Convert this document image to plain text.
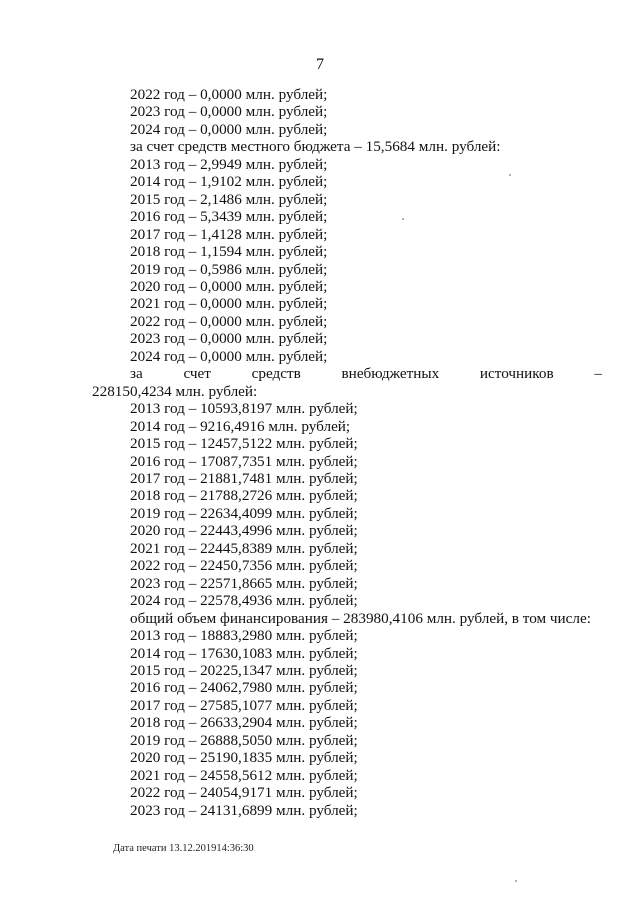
7
2022 год – 0,0000 млн. рублей;
2023 год – 0,0000 млн. рублей;
2024 год – 0,0000 млн. рублей;
за счет средств местного бюджета – 15,5684 млн. рублей:
2013 год – 2,9949 млн. рублей;
2014 год – 1,9102 млн. рублей;
2015 год – 2,1486 млн. рублей;
2016 год – 5,3439 млн. рублей;
2017 год – 1,4128 млн. рублей;
2018 год – 1,1594 млн. рублей;
2019 год – 0,5986 млн. рублей;
2020 год – 0,0000 млн. рублей;
2021 год – 0,0000 млн. рублей;
2022 год – 0,0000 млн. рублей;
2023 год – 0,0000 млн. рублей;
2024 год – 0,0000 млн. рублей;
за	счет	средств	внебюджетных	источников	–
228150,4234 млн. рублей:
2013 год – 10593,8197 млн. рублей;
2014 год – 9216,4916 млн. рублей;
2015 год – 12457,5122 млн. рублей;
2016 год – 17087,7351 млн. рублей;
2017 год – 21881,7481 млн. рублей;
2018 год – 21788,2726 млн. рублей;
2019 год – 22634,4099 млн. рублей;
2020 год – 22443,4996 млн. рублей;
2021 год – 22445,8389 млн. рублей;
2022 год – 22450,7356 млн. рублей;
2023 год – 22571,8665 млн. рублей;
2024 год – 22578,4936 млн. рублей;
общий объем финансирования – 283980,4106 млн. рублей, в том числе:
2013 год – 18883,2980 млн. рублей;
2014 год – 17630,1083 млн. рублей;
2015 год – 20225,1347 млн. рублей;
2016 год – 24062,7980 млн. рублей;
2017 год – 27585,1077 млн. рублей;
2018 год – 26633,2904 млн. рублей;
2019 год – 26888,5050 млн. рублей;
2020 год – 25190,1835 млн. рублей;
2021 год – 24558,5612 млн. рублей;
2022 год – 24054,9171 млн. рублей;
2023 год – 24131,6899 млн. рублей;
Дата печати 13.12.201914:36:30
